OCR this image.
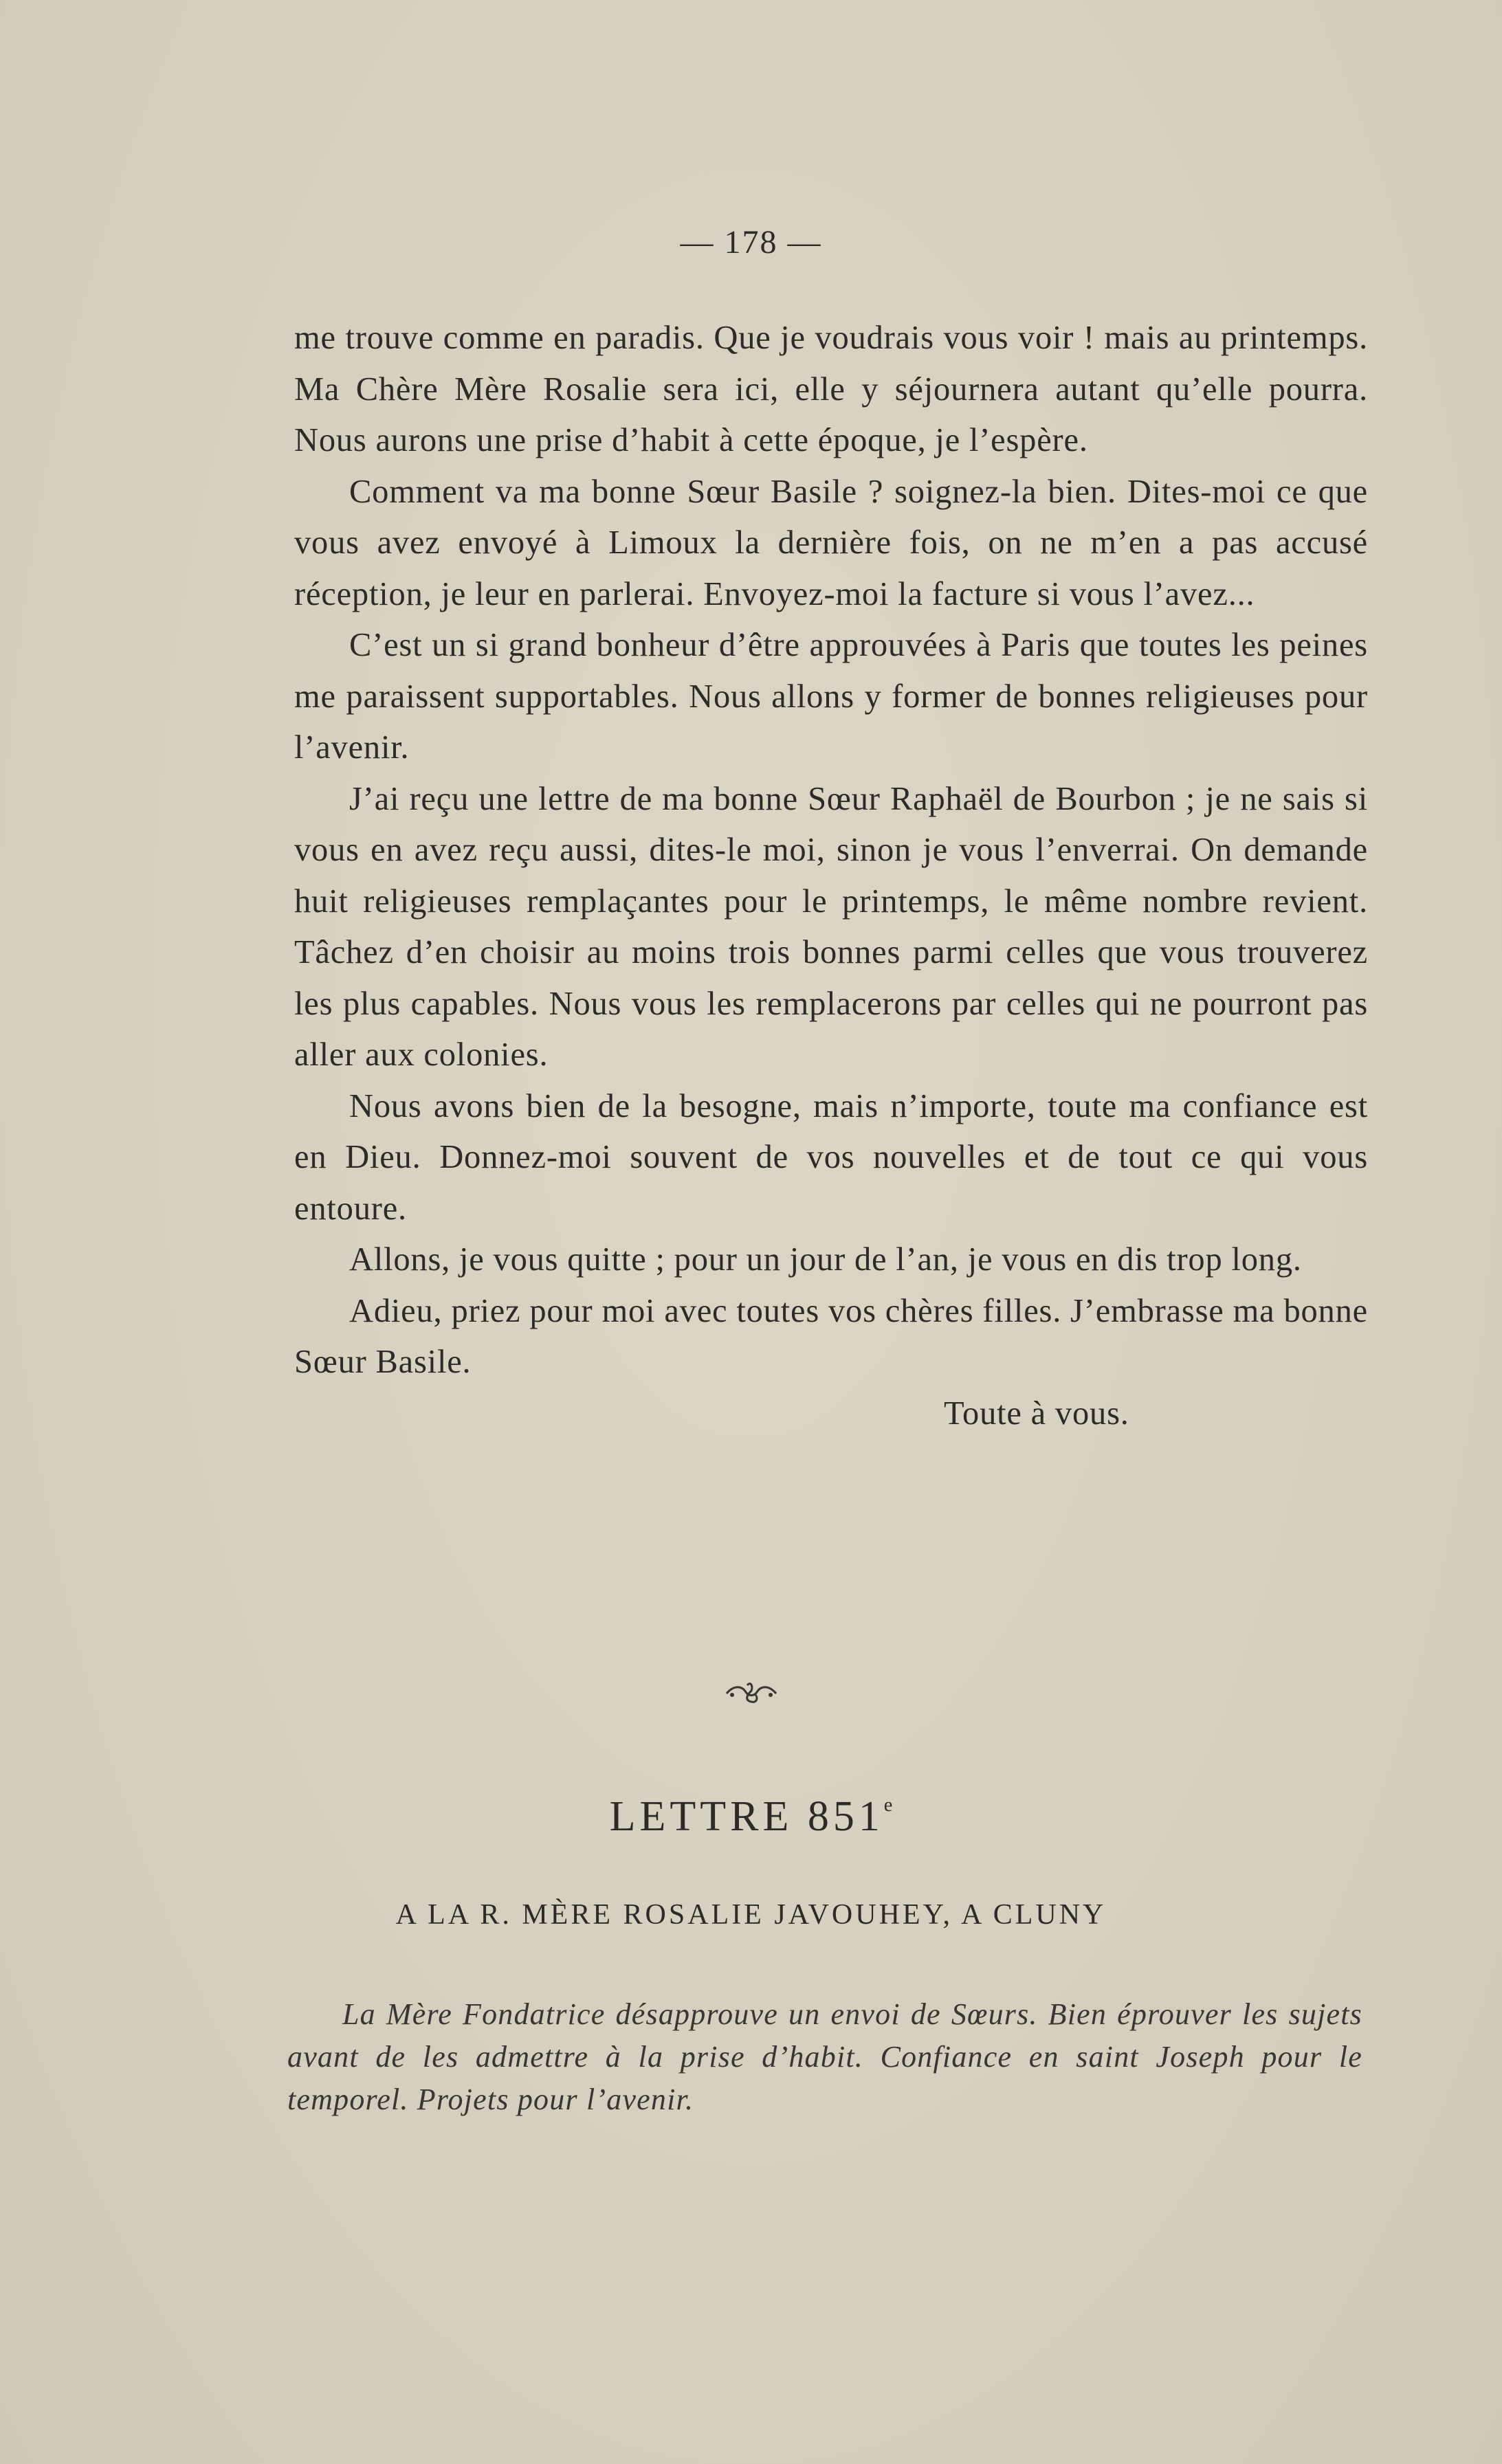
— 178 —

me trouve comme en paradis. Que je voudrais vous voir ! mais au printemps. Ma Chère Mère Rosalie sera ici, elle y séjournera autant qu’elle pourra. Nous aurons une prise d’habit à cette époque, je l’espère.

Comment va ma bonne Sœur Basile ? soignez-la bien. Dites-moi ce que vous avez envoyé à Limoux la dernière fois, on ne m’en a pas accusé réception, je leur en parlerai. Envoyez-moi la facture si vous l’avez...

C’est un si grand bonheur d’être approuvées à Paris que toutes les peines me paraissent supportables. Nous allons y former de bonnes religieuses pour l’avenir.

J’ai reçu une lettre de ma bonne Sœur Raphaël de Bourbon ; je ne sais si vous en avez reçu aussi, dites-le moi, sinon je vous l’enverrai. On demande huit religieuses remplaçantes pour le printemps, le même nombre revient. Tâchez d’en choisir au moins trois bonnes parmi celles que vous trouverez les plus capables. Nous vous les remplacerons par celles qui ne pourront pas aller aux colonies.

Nous avons bien de la besogne, mais n’importe, toute ma confiance est en Dieu. Donnez-moi souvent de vos nouvelles et de tout ce qui vous entoure.

Allons, je vous quitte ; pour un jour de l’an, je vous en dis trop long.

Adieu, priez pour moi avec toutes vos chères filles. J’embrasse ma bonne Sœur Basile.

Toute à vous.

LETTRE 851e
A LA R. MÈRE ROSALIE JAVOUHEY, A CLUNY

La Mère Fondatrice désapprouve un envoi de Sœurs. Bien éprouver les sujets avant de les admettre à la prise d’habit. Confiance en saint Joseph pour le temporel. Projets pour l’avenir.
